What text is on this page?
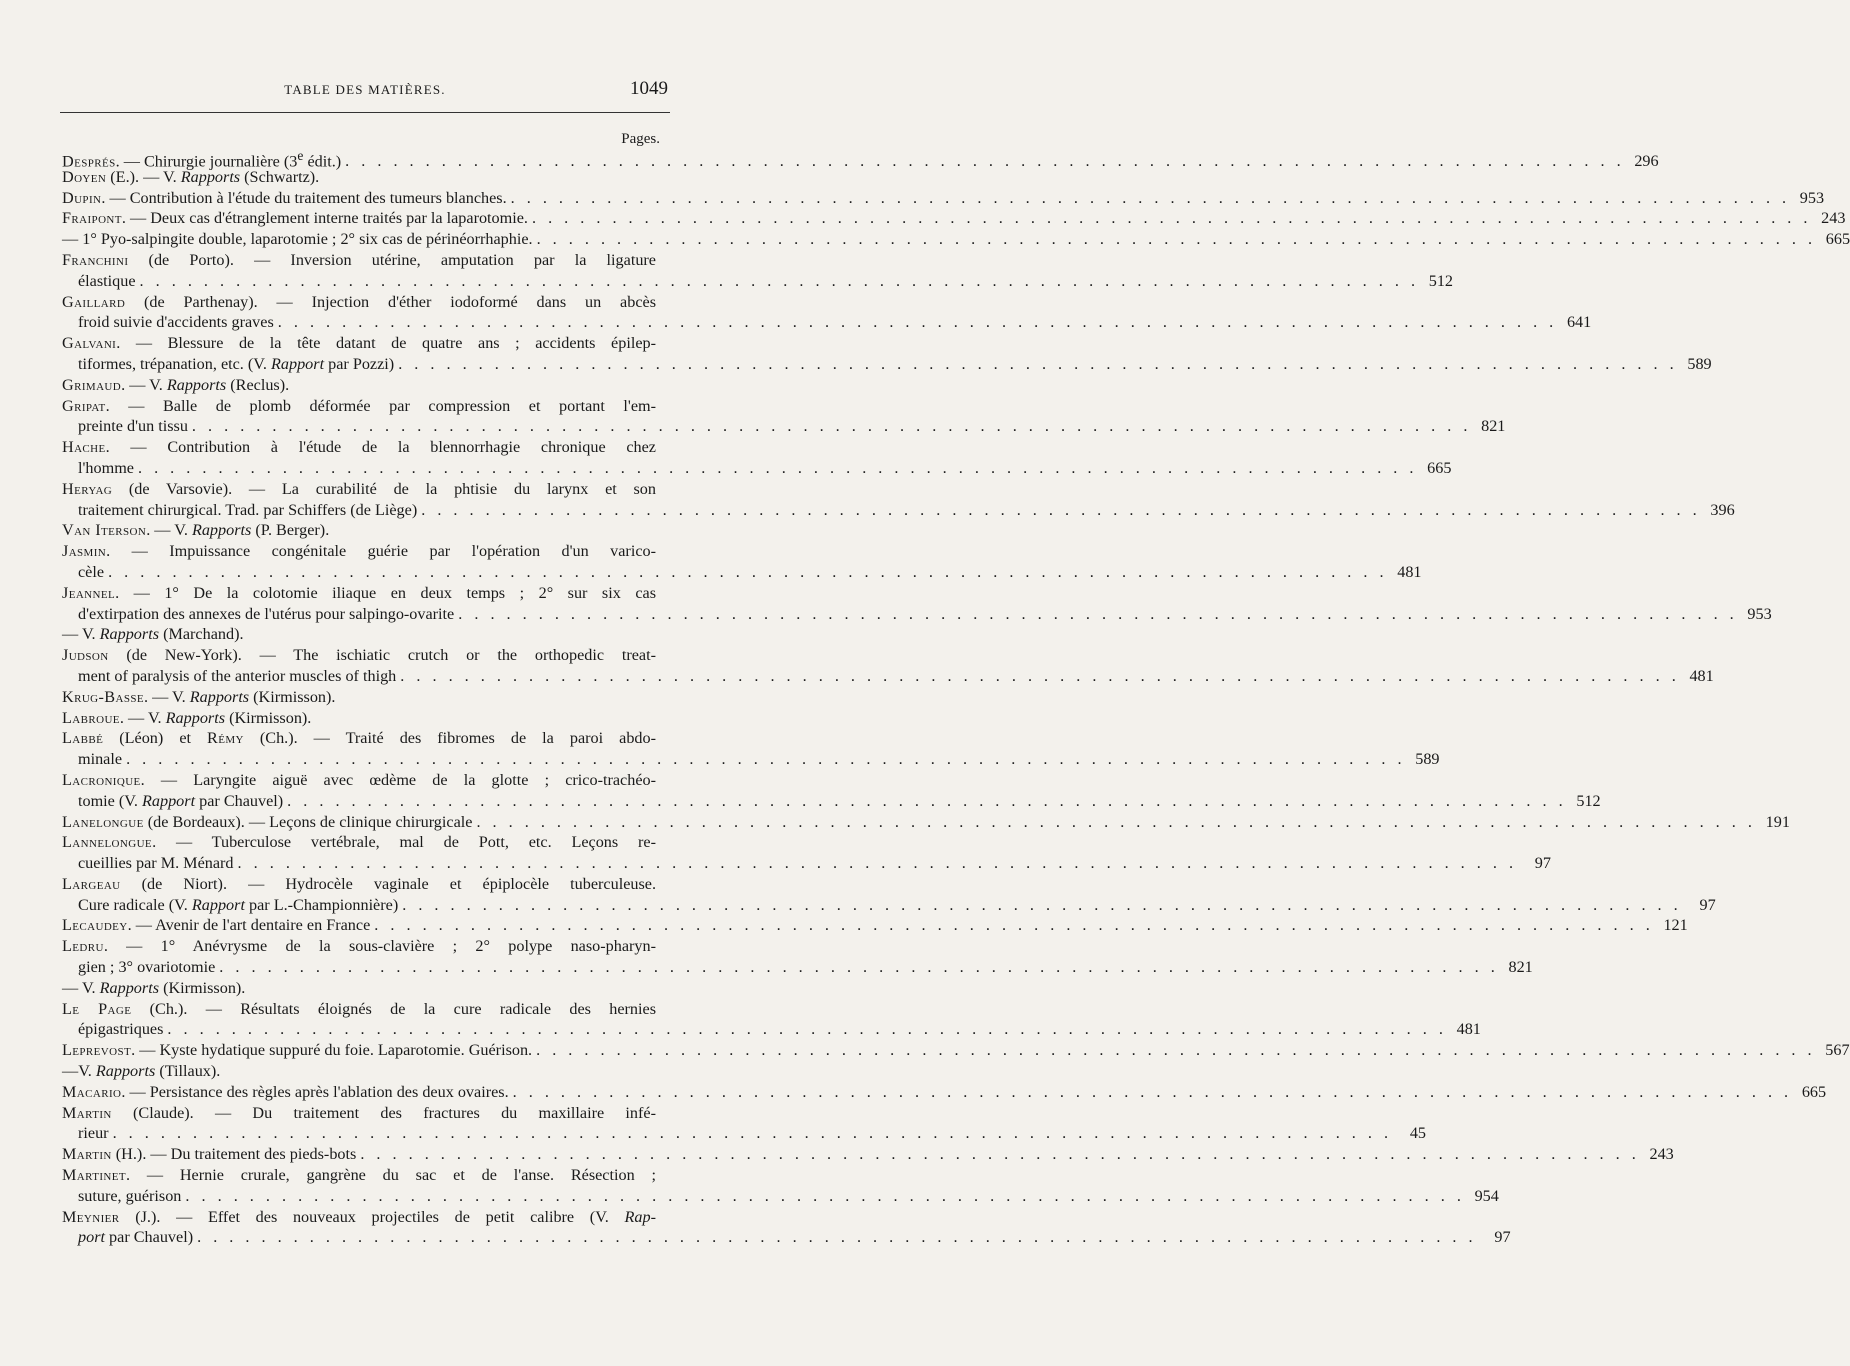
TABLE DES MATIÈRES.	1049
Pages.
Després. — Chirurgie journalière (3e édit.) . . . . . . . . . . . . . . . . . . . . . . . . . . . . . . . . . . . . . . . . . . . . . . . . . . . . . . . . . . . . . . . . . . . . . . . . . . . . . . . . 296
Doyen (E.). — V. Rapports (Schwartz).
Dupin. — Contribution à l'étude du traitement des tumeurs blanches. . . . . . . . . . . . . . . . . . . . . . . . . . . . . . . . . . . . . . . . . . . . . . . . . . . . . . . . . . . . . . . . . . . . . . . . . . . . . . . . . 953
Fraipont. — Deux cas d'étranglement interne traités par la laparotomie. . . . . . . . . . . . . . . . . . . . . . . . . . . . . . . . . . . . . . . . . . . . . . . . . . . . . . . . . . . . . . . . . . . . . . . . . . . . . . . . . 243
— 1° Pyo-salpingite double, laparotomie ; 2° six cas de périnéorrhaphie. . . . . . . . . . . . . . . . . . . . . . . . . . . . . . . . . . . . . . . . . . . . . . . . . . . . . . . . . . . . . . . . . . . . . . . . . . . . . . . . . 665
Franchini (de Porto). — Inversion utérine, amputation par la ligature
élastique . . . . . . . . . . . . . . . . . . . . . . . . . . . . . . . . . . . . . . . . . . . . . . . . . . . . . . . . . . . . . . . . . . . . . . . . . . . . . . . . 512
Gaillard (de Parthenay). — Injection d'éther iodoformé dans un abcès
froid suivie d'accidents graves . . . . . . . . . . . . . . . . . . . . . . . . . . . . . . . . . . . . . . . . . . . . . . . . . . . . . . . . . . . . . . . . . . . . . . . . . . . . . . . . 641
Galvani. — Blessure de la tête datant de quatre ans ; accidents épilep-
tiformes, trépanation, etc. (V. Rapport par Pozzi) . . . . . . . . . . . . . . . . . . . . . . . . . . . . . . . . . . . . . . . . . . . . . . . . . . . . . . . . . . . . . . . . . . . . . . . . . . . . . . . . 589
Grimaud. — V. Rapports (Reclus).
Gripat. — Balle de plomb déformée par compression et portant l'em-
preinte d'un tissu . . . . . . . . . . . . . . . . . . . . . . . . . . . . . . . . . . . . . . . . . . . . . . . . . . . . . . . . . . . . . . . . . . . . . . . . . . . . . . . . 821
Hache. — Contribution à l'étude de la blennorrhagie chronique chez
l'homme . . . . . . . . . . . . . . . . . . . . . . . . . . . . . . . . . . . . . . . . . . . . . . . . . . . . . . . . . . . . . . . . . . . . . . . . . . . . . . . . 665
Heryag (de Varsovie). — La curabilité de la phtisie du larynx et son
traitement chirurgical. Trad. par Schiffers (de Liège) . . . . . . . . . . . . . . . . . . . . . . . . . . . . . . . . . . . . . . . . . . . . . . . . . . . . . . . . . . . . . . . . . . . . . . . . . . . . . . . . 396
Van Iterson. — V. Rapports (P. Berger).
Jasmin. — Impuissance congénitale guérie par l'opération d'un varico-
cèle . . . . . . . . . . . . . . . . . . . . . . . . . . . . . . . . . . . . . . . . . . . . . . . . . . . . . . . . . . . . . . . . . . . . . . . . . . . . . . . . 481
Jeannel. — 1° De la colotomie iliaque en deux temps ; 2° sur six cas
d'extirpation des annexes de l'utérus pour salpingo-ovarite . . . . . . . . . . . . . . . . . . . . . . . . . . . . . . . . . . . . . . . . . . . . . . . . . . . . . . . . . . . . . . . . . . . . . . . . . . . . . . . . 953
— V. Rapports (Marchand).
Judson (de New-York). — The ischiatic crutch or the orthopedic treat-
ment of paralysis of the anterior muscles of thigh . . . . . . . . . . . . . . . . . . . . . . . . . . . . . . . . . . . . . . . . . . . . . . . . . . . . . . . . . . . . . . . . . . . . . . . . . . . . . . . . 481
Krug-Basse. — V. Rapports (Kirmisson).
Labroue. — V. Rapports (Kirmisson).
Labbé (Léon) et Rémy (Ch.). — Traité des fibromes de la paroi abdo-
minale . . . . . . . . . . . . . . . . . . . . . . . . . . . . . . . . . . . . . . . . . . . . . . . . . . . . . . . . . . . . . . . . . . . . . . . . . . . . . . . . 589
Lacronique. — Laryngite aiguë avec œdème de la glotte ; crico-trachéo-
tomie (V. Rapport par Chauvel) . . . . . . . . . . . . . . . . . . . . . . . . . . . . . . . . . . . . . . . . . . . . . . . . . . . . . . . . . . . . . . . . . . . . . . . . . . . . . . . . 512
Lanelongue (de Bordeaux). — Leçons de clinique chirurgicale . . . . . . . . . . . . . . . . . . . . . . . . . . . . . . . . . . . . . . . . . . . . . . . . . . . . . . . . . . . . . . . . . . . . . . . . . . . . . . . . 191
Lannelongue. — Tuberculose vertébrale, mal de Pott, etc. Leçons re-
cueillies par M. Ménard . . . . . . . . . . . . . . . . . . . . . . . . . . . . . . . . . . . . . . . . . . . . . . . . . . . . . . . . . . . . . . . . . . . . . . . . . . . . . . . .	97
Largeau (de Niort). — Hydrocèle vaginale et épiplocèle tuberculeuse.
Cure radicale (V. Rapport par L.-Championnière) . . . . . . . . . . . . . . . . . . . . . . . . . . . . . . . . . . . . . . . . . . . . . . . . . . . . . . . . . . . . . . . . . . . . . . . . . . . . . . . .	97
Lecaudey. — Avenir de l'art dentaire en France . . . . . . . . . . . . . . . . . . . . . . . . . . . . . . . . . . . . . . . . . . . . . . . . . . . . . . . . . . . . . . . . . . . . . . . . . . . . . . . . 121
Ledru. — 1° Anévrysme de la sous-clavière ; 2° polype naso-pharyn-
gien ; 3° ovariotomie . . . . . . . . . . . . . . . . . . . . . . . . . . . . . . . . . . . . . . . . . . . . . . . . . . . . . . . . . . . . . . . . . . . . . . . . . . . . . . . . 821
— V. Rapports (Kirmisson).
Le Page (Ch.). — Résultats éloignés de la cure radicale des hernies
épigastriques . . . . . . . . . . . . . . . . . . . . . . . . . . . . . . . . . . . . . . . . . . . . . . . . . . . . . . . . . . . . . . . . . . . . . . . . . . . . . . . . 481
Leprevost. — Kyste hydatique suppuré du foie. Laparotomie. Guérison. . . . . . . . . . . . . . . . . . . . . . . . . . . . . . . . . . . . . . . . . . . . . . . . . . . . . . . . . . . . . . . . . . . . . . . . . . . . . . . . . 567
—V. Rapports (Tillaux).
Macario. — Persistance des règles après l'ablation des deux ovaires. . . . . . . . . . . . . . . . . . . . . . . . . . . . . . . . . . . . . . . . . . . . . . . . . . . . . . . . . . . . . . . . . . . . . . . . . . . . . . . . . 665
Martin (Claude). — Du traitement des fractures du maxillaire infé-
rieur . . . . . . . . . . . . . . . . . . . . . . . . . . . . . . . . . . . . . . . . . . . . . . . . . . . . . . . . . . . . . . . . . . . . . . . . . . . . . . . .	45
Martin (H.). — Du traitement des pieds-bots . . . . . . . . . . . . . . . . . . . . . . . . . . . . . . . . . . . . . . . . . . . . . . . . . . . . . . . . . . . . . . . . . . . . . . . . . . . . . . . . 243
Martinet. — Hernie crurale, gangrène du sac et de l'anse. Résection ;
suture, guérison . . . . . . . . . . . . . . . . . . . . . . . . . . . . . . . . . . . . . . . . . . . . . . . . . . . . . . . . . . . . . . . . . . . . . . . . . . . . . . . . 954
Meynier (J.). — Effet des nouveaux projectiles de petit calibre (V. Rap-
port par Chauvel) . . . . . . . . . . . . . . . . . . . . . . . . . . . . . . . . . . . . . . . . . . . . . . . . . . . . . . . . . . . . . . . . . . . . . . . . . . . . . . . .	97
